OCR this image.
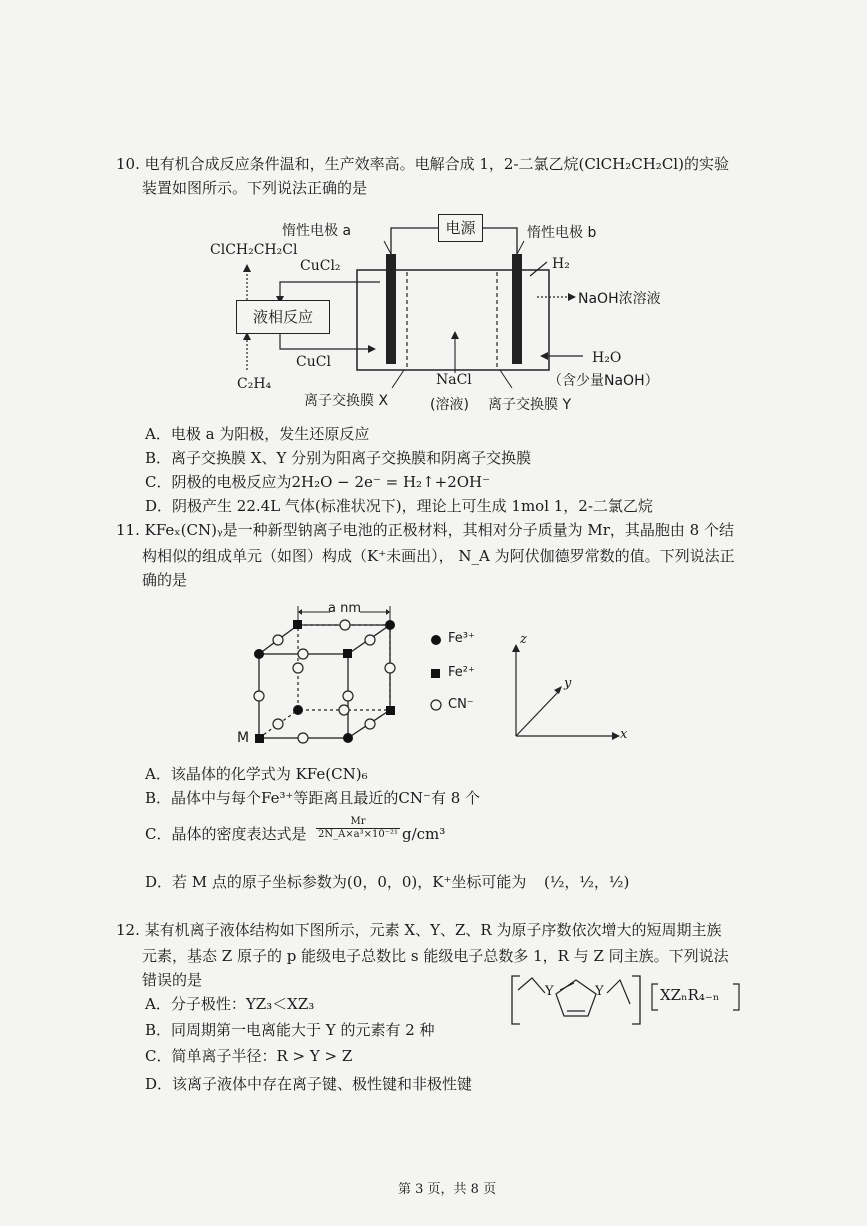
10. 电有机合成反应条件温和，生产效率高。电解合成 1，2-二氯乙烷(ClCH₂CH₂Cl)的实验
装置如图所示。下列说法正确的是
电源
液相反应
惰性电极 a	惰性电极 b
ClCH₂CH₂Cl
CuCl₂
CuCl
C₂H₄
H₂
NaOH浓溶液
H₂O
（含少量NaOH）
NaCl
(溶液)
离子交换膜 X	离子交换膜 Y
A．电极 a 为阳极，发生还原反应
B．离子交换膜 X、Y 分别为阳离子交换膜和阴离子交换膜
C．阴极的电极反应为2H₂O − 2e⁻ = H₂↑+2OH⁻
D．阴极产生 22.4L 气体(标准状况下)，理论上可生成 1mol 1，2-二氯乙烷
11. KFeₓ(CN)ᵧ是一种新型钠离子电池的正极材料，其相对分子质量为 Mr，其晶胞由 8 个结
构相似的组成单元（如图）构成（K⁺未画出）， N_A 为阿伏伽德罗常数的值。下列说法正
确的是
a nm
M
Fe³⁺
Fe²⁺
CN⁻
x
y
z
A．该晶体的化学式为 KFe(CN)₆
B．晶体中与每个Fe³⁺等距离且最近的CN⁻有 8 个
C．晶体的密度表达式是 $\frac{Mr}{\text{2N\_A×a³×10⁻²¹}} g/cm^3$
D．若 M 点的原子坐标参数为(0，0，0)，K⁺坐标可能为 (½，½，½)
12. 某有机离子液体结构如下图所示，元素 X、Y、Z、R 为原子序数依次增大的短周期主族
元素，基态 Z 原子的 p 能级电子总数比 s 能级电子总数多 1，R 与 Z 同主族。下列说法
错误的是
Y	Y	XZₙR₄₋ₙ
A．分子极性：YZ₃＜XZ₃
B．同周期第一电离能大于 Y 的元素有 2 种
C．简单离子半径：R > Y > Z
D．该离子液体中存在离子键、极性键和非极性键
第 3 页，共 8 页
